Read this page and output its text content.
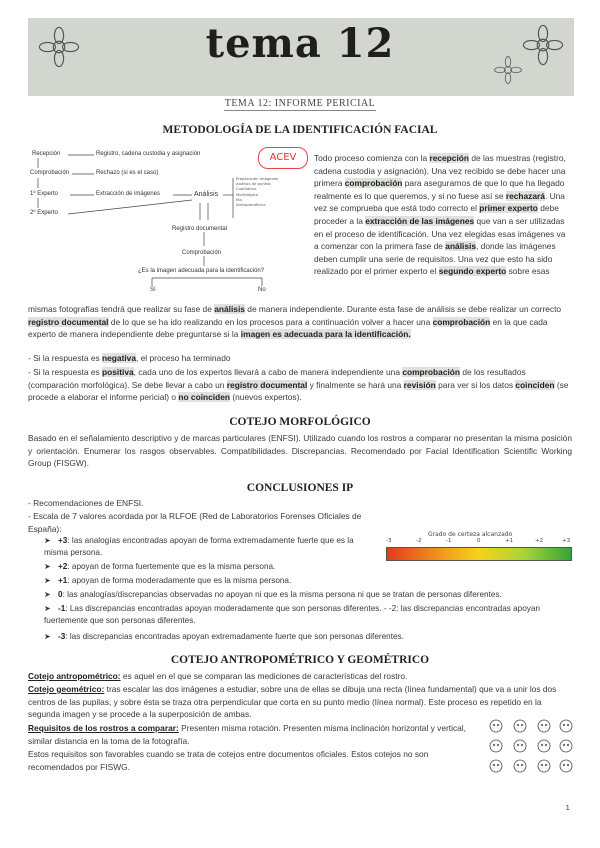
tema 12
TEMA 12: INFORME PERICIAL
METODOLOGÍA DE LA IDENTIFICACIÓN FACIAL
Recepción	Registro, cadena custodia y asignación
Comprobación	Rechazo (si es el caso)
1º Experto	Extracción de imágenes	Análisis
Preparación imágenes
Análisis de puntos
Cualitativo
Morfológico
Etc.
Antropométrico
2º Experto
Registro documental
Comprobación
¿Es la imagen adecuada para la identificación?
Sí	No
ACEV	Todo proceso comienza con la recepción de las muestras (registro, cadena custodia y asignación). Una vez recibido se debe hacer una primera comprobación para asegurarnos de que lo que ha llegado realmente es lo que queremos, y si no fuese así se rechazará. Una vez se comprueba que está todo correcto el primer experto debe proceder a la extracción de las imágenes que van a ser utilizadas en el proceso de identificación. Una vez elegidas esas imágenes va a comenzar con la primera fase de análisis, donde las imágenes deben cumplir una serie de requisitos. Una vez que esto ha sido realizado por el primer experto el segundo experto sobre esas

mismas fotografías tendrá que realizar su fase de análisis de manera independiente. Durante esta fase de análisis se debe realizar un correcto registro documental de lo que se ha ido realizando en los procesos para a continuación volver a hacer una comprobación en la que cada experto de manera independiente debe preguntarse si la imagen es adecuada para la identificación.

- Si la respuesta es negativa, el proceso ha terminado

- Si la respuesta es positiva, cada uno de los expertos llevará a cabo de manera independiente una comprobación de los resultados (comparación morfológica). Se debe llevar a cabo un registro documental y finalmente se hará una revisión para ver si los datos coinciden (se procede a elaborar el informe pericial) o no coinciden (nuevos expertos).

COTEJO MORFOLÓGICO

Basado en el señalamiento descriptivo y de marcas particulares (ENFSI). Utilizado cuando los rostros a comparar no presentan la misma posición y orientación. Enumerar los rasgos observables. Compatibilidades. Discrepancias. Recomendado por Facial Identification Scientific Working Group (FISGW).

CONCLUSIONES IP

- Recomendaciones de ENFSI.

- Escala de 7 valores acordada por la RLFOE (Red de Laboratorios Forenses Oficiales de España):

Grado de certeza alcanzado
-3	-2	-1	0	+1	+2	+3
➤ +3: las analogías encontradas apoyan de forma extremadamente fuerte que es la misma persona.
➤ +2: apoyan de forma fuertemente que es la misma persona.
➤ +1: apoyan de forma moderadamente que es la misma persona.
➤ 0: las analogías/discrepancias observadas no apoyan ni que es la misma persona ni que se tratan de personas diferentes.
➤ -1: Las discrepancias encontradas apoyan moderadamente que son personas diferentes. - -2: las discrepancias encontradas apoyan fuertemente que son personas diferentes.
➤ -3: las discrepancias encontradas apoyan extremadamente fuerte que son personas diferentes.
COTEJO ANTROPOMÉTRICO Y GEOMÉTRICO

Cotejo antropométrico: es aquel en el que se comparan las mediciones de características del rostro.

Cotejo geométrico: tras escalar las dos imágenes a estudiar, sobre una de ellas se dibuja una recta (línea fundamental) que va a unir los dos centros de las pupilas, y sobre ésta se traza otra perpendicular que corta en su punto medio (línea normal). Este proceso es repetido en la segunda imagen y se procede a la superposición de ambas.

Requisitos de los rostros a comparar: Presenten misma rotación. Presenten misma inclinación horizontal y vertical, similar distancia en la toma de la fotografía.

Estos requisitos son favorables cuando se trata de cotejos entre documentos oficiales. Estos cotejos no son recomendados por FISWG.

1
